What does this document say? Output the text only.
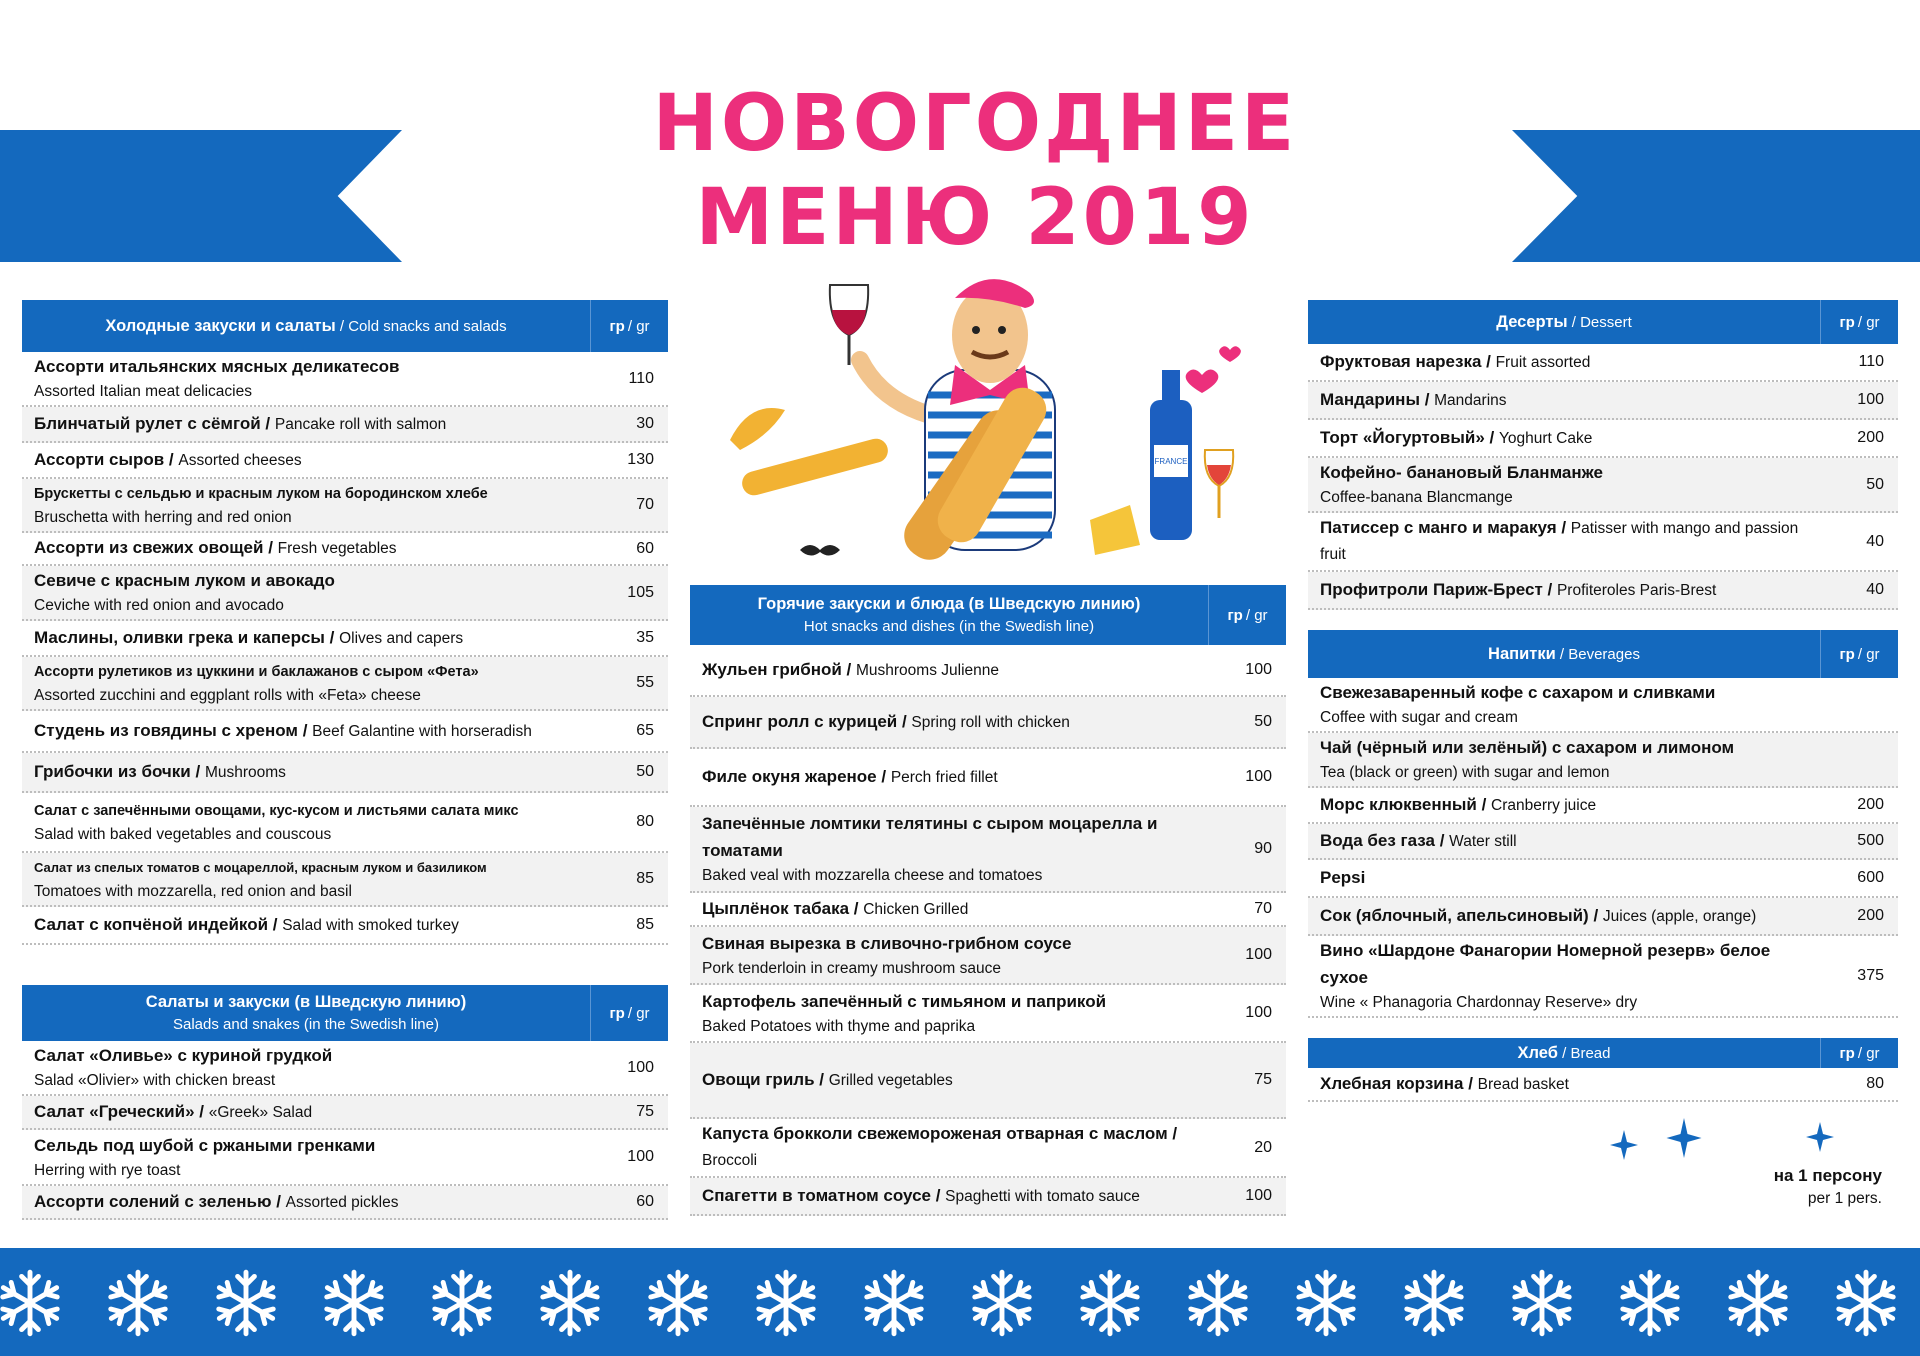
НОВОГОДНЕЕ
МЕНЮ 2019
FRANCE
Холодные закуски и салаты / Cold snacks and salads	гр /
gr
Ассорти итальянских мясных деликатесов
Assorted Italian meat delicacies
110
Блинчатый рулет с сёмгой / Pancake roll with salmon	30
Ассорти сыров / Assorted cheeses	130
Брускетты с сельдью и красным луком на бородинском хлебе
Bruschetta with herring and red onion
70
Ассорти из свежих овощей / Fresh vegetables	60
Севиче с красным луком и авокадо
Ceviche with red onion and avocado
105
Маслины, оливки грека и каперсы / Olives and capers	35
Ассорти рулетиков из цуккини и баклажанов с сыром «Фета»
Assorted zucchini and eggplant rolls with «Feta» cheese
55
Студень из говядины с хреном / Beef Galantine with horseradish	65
Грибочки из бочки / Mushrooms	50
Салат с запечёнными овощами, кус-кусом и листьями салата микс
Salad with baked vegetables and couscous
80
Салат из спелых томатов с моцареллой, красным луком и базиликом
Tomatoes with mozzarella, red onion and basil
85
Салат с копчёной индейкой / Salad with smoked turkey	85
Салаты и закуски (в Шведскую линию)
Salads and snakes (in the Swedish line)
гр /
gr
Салат «Оливье» с куриной грудкой
Salad «Olivier» with chicken breast
100
Салат «Греческий» / «Greek» Salad	75
Сельдь под шубой с ржаными гренками
Herring with rye toast
100
Ассорти солений с зеленью / Assorted pickles	60
Горячие закуски и блюда (в Шведскую линию)
Hot snacks and dishes (in the Swedish line)
гр /
gr
Жульен грибной / Mushrooms Julienne	100
Спринг ролл с курицей / Spring roll with chicken	50
Филе окуня жареное / Perch fried fillet	100
Запечённые ломтики телятины с сыром моцарелла и томатами
Baked veal with mozzarella cheese and tomatoes
90
Цыплёнок табака / Chicken Grilled	70
Свиная вырезка в сливочно-грибном соусе
Pork tenderloin in creamy mushroom sauce
100
Картофель запечённый с тимьяном и паприкой
Baked Potatoes with thyme and paprika
100
Овощи гриль / Grilled vegetables	75
Капуста брокколи свежемороженая отварная с маслом / Broccoli
20
Спагетти в томатном соусе / Spaghetti with tomato sauce	100
Десерты / Dessert	гр /
gr
Фруктовая нарезка / Fruit assorted	110
Мандарины / Mandarins	100
Торт «Йогуртовый» / Yoghurt Cake	200
Кофейно- банановый Бланманже
Coffee-banana Blancmange
50
Патиссер с манго и маракуя / Patisser with mango and passion fruit
40
Профитроли Париж-Брест / Profiteroles Paris-Brest	40
Напитки / Beverages	гр /
gr
Свежезаваренный кофе с сахаром и сливками
Coffee with sugar and cream
Чай (чёрный или зелёный) с сахаром и лимоном
Tea (black or green) with sugar and lemon
Морс клюквенный / Cranberry juice	200
Вода без газа / Water still	500
Pepsi	600
Сок (яблочный, апельсиновый) / Juices (apple, orange)	200
Вино «Шардоне Фанагории Номерной резерв» белое сухое
Wine « Phanagoria Chardonnay Reserve» dry
375
Хлеб / Bread	гр /
gr
Хлебная корзина / Bread basket	80
на 1 персону
per 1 pers.
